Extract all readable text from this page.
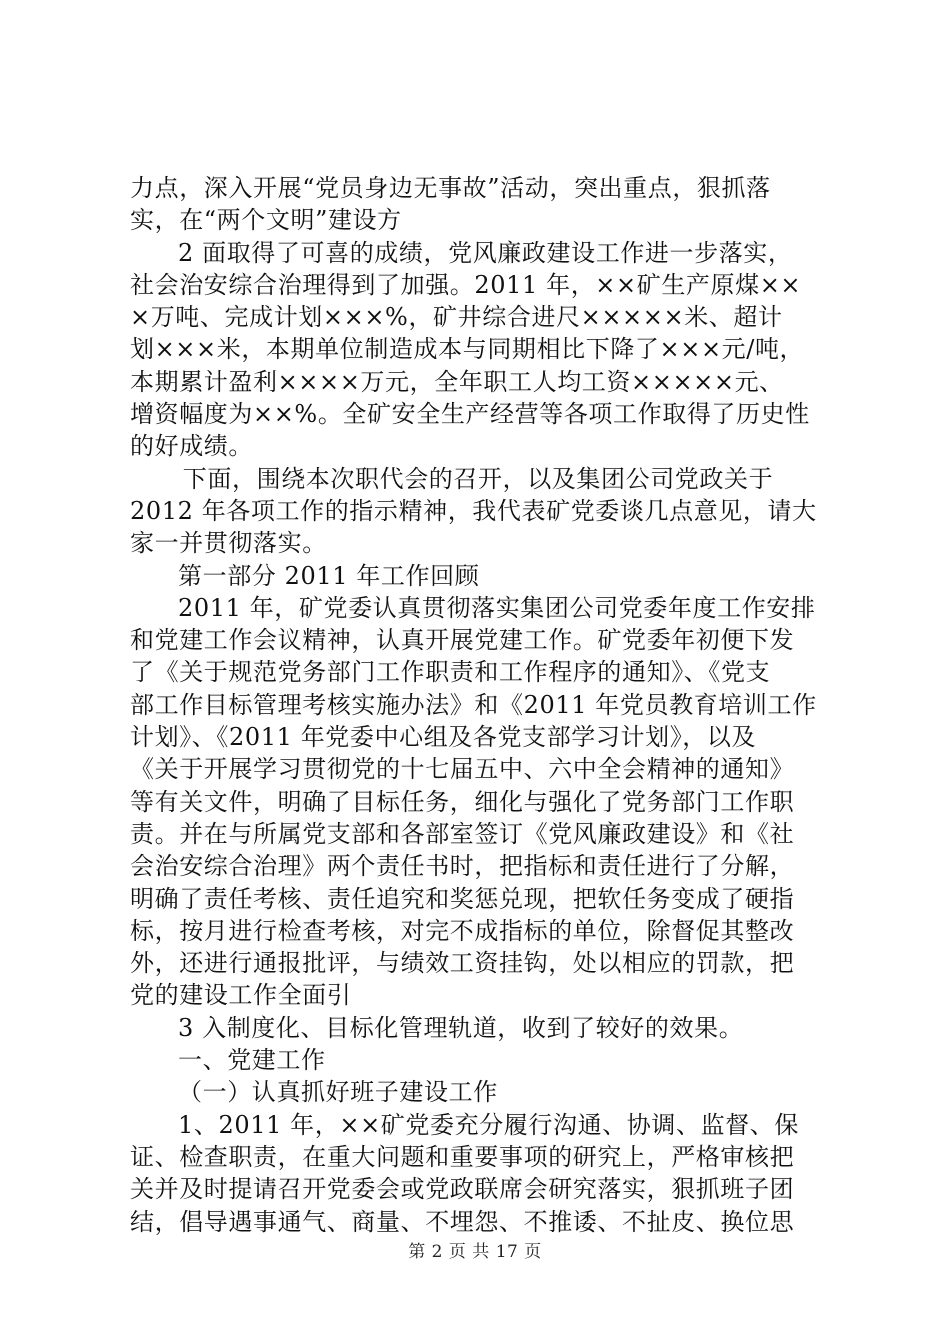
力点，深入开展“党员身边无事故”活动，突出重点，狠抓落
实，在“两个文明”建设方
2 面取得了可喜的成绩，党风廉政建设工作进一步落实，
社会治安综合治理得到了加强。2011 年，××矿生产原煤××
×万吨、完成计划×××%，矿井综合进尺×××××米、超计
划×××米，本期单位制造成本与同期相比下降了×××元/吨，
本期累计盈利××××万元，全年职工人均工资×××××元、
增资幅度为××%。全矿安全生产经营等各项工作取得了历史性
的好成绩。
下面，围绕本次职代会的召开，以及集团公司党政关于
2012 年各项工作的指示精神，我代表矿党委谈几点意见，请大
家一并贯彻落实。
第一部分 2011 年工作回顾
2011 年，矿党委认真贯彻落实集团公司党委年度工作安排
和党建工作会议精神，认真开展党建工作。矿党委年初便下发
了《关于规范党务部门工作职责和工作程序的通知》、《党支
部工作目标管理考核实施办法》和《2011 年党员教育培训工作
计划》、《2011 年党委中心组及各党支部学习计划》，以及
《关于开展学习贯彻党的十七届五中、六中全会精神的通知》
等有关文件，明确了目标任务，细化与强化了党务部门工作职
责。并在与所属党支部和各部室签订《党风廉政建设》和《社
会治安综合治理》两个责任书时，把指标和责任进行了分解，
明确了责任考核、责任追究和奖惩兑现，把软任务变成了硬指
标，按月进行检查考核，对完不成指标的单位，除督促其整改
外，还进行通报批评，与绩效工资挂钩，处以相应的罚款，把
党的建设工作全面引
3 入制度化、目标化管理轨道，收到了较好的效果。
一、党建工作
（一）认真抓好班子建设工作
1、2011 年，××矿党委充分履行沟通、协调、监督、保
证、检查职责，在重大问题和重要事项的研究上，严格审核把
关并及时提请召开党委会或党政联席会研究落实，狠抓班子团
结，倡导遇事通气、商量、不埋怨、不推诿、不扯皮、换位思
第 2 页 共 17 页
